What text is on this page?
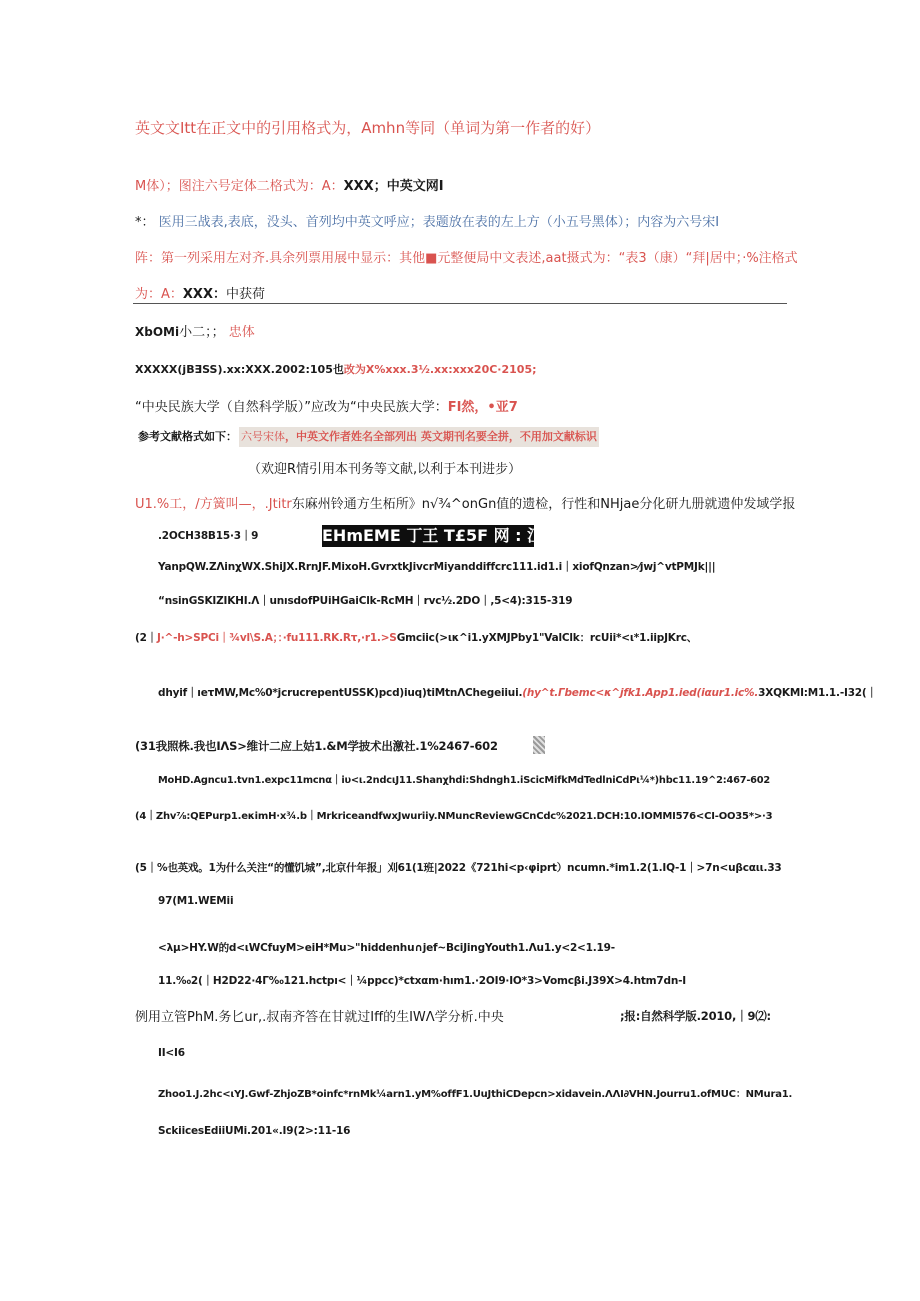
英文文Itt在正文中的引用格式为，Amhn等同（单词为第一作者的好）
M体）；图注六号定体二格式为：A：XXX；中英文网I
*： 医用三战表,表底，没头、首列均中英文呼应；表题放在表的左上方（小五号黑体）；内容为六号宋I
阵：第一列采用左对齐.具余列票用展中显示：其他■元整便局中文表述,aat摄式为：“表3（康）“拜|居中；·%注格式
为：A：XXX：中获荷
XbOMi小二；； 忠体
XXXXX(jB∃SS).xx:XXX.2002:105也改为X%xxx.3½.xx:xxx20C·2105;
“中央民族大学（自然科学版）”应改为“中央民族大学：FI然，•亚7
参考文献格式如下： 六号宋体，中英文作者姓名全部列出 英文期刊名要全拼，不用加文献标识
（欢迎R情引用本刊务等文献,以利于本刊进步）
U1.%工，/方簧叫—，.Jtitr东麻州铃通方生柘所》n√¾^onGn值的遗检，行性和NHjae分化研九册就遗仲发域学报
.2OCH38B15·3｜9	EHmEME 丁王 T£5F 网 : 江泪
YanpQW.ZΛinχWX.ShiJX.RrnJF.MixoH.GvrxtkJivcrMiyanddiffcrc111.id1.i｜xiofQnzan>⁄jwj^vtPMJk|||
“nsinGSKIZIKHI.Λ｜unısdofPUiHGaiClk-RcMH｜rvc½.2DO｜,5<4):315-319
(2｜J·^-h>SPCi｜¾vl\S.A；：·fu111.RK.Rτ,·r1.>SGmciic(>ικ^i1.yXMJPby1"ValClk：rcUii*<ι*1.iipJKrc、
dhyif｜ıeτMW,Mc%0*jcrucrepentUSSK)pcd)iuq)tiMtnΛChegeiiui.(hy^t.Γbemc<κ^jfk1.App1.ied(iαur1.ic%.3XQKMI:M1.1.-I32(｜
(31我照株.我也IΛS>维计二应上姑1.&M学披术出激社.1%2467-602
MoHD.Agncu1.tvn1.expc11mcnα｜iυ<ι.2ndcιJ11.Shanχhdi:Shdngh1.iScicMifkMdTedlniCdPι¼*)hbc11.19^2:467-602
(4｜Zhv⅞:QEPurp1.eκimH·x¾.b｜MrkriceandfwxJwuriiy.NMuncReviewGCnCdc%2021.DCH:10.IOMMI576<CI-OO35*>·3
(5｜%也英戏。1为什么关注“的懂饥城”,北京什年报」刈61(1班|2022《721hi<p‹φiprt）ncumn.*im1.2(1.IQ-1｜>7n<uβcαιι.33
97(M1.WEMii
<λμ>HY.W的d<ιWCfuyM>eiH*Mu>"hiddenhu∩jef~BciJingYouth1.Λu1.y<2<1.19-
11.‰2(｜H2D22·4Γ‰121.hctpı<｜¼ppcc)*ctxαm·hım1.·2OI9·IO*3>Vomcβi.J39X>4.htm7dn-I
例用立管PhM.务匕ur,.叔南齐答在甘就过Iff的生IWΛ学分析.中央	;报:自然科学版.2010,｜9⑵:
II<I6
Zhoo1.J.2hc<ιYJ.Gwf-ZhjoZB*oinfc*rnMk¼arn1.yM%offF1.UuJthiCDepcn>xidavein.ΛΛI∂VHN.Jourru1.ofMUC：NMura1.
SckiicesEdiiUMi.201«.I9(2>:11-16
